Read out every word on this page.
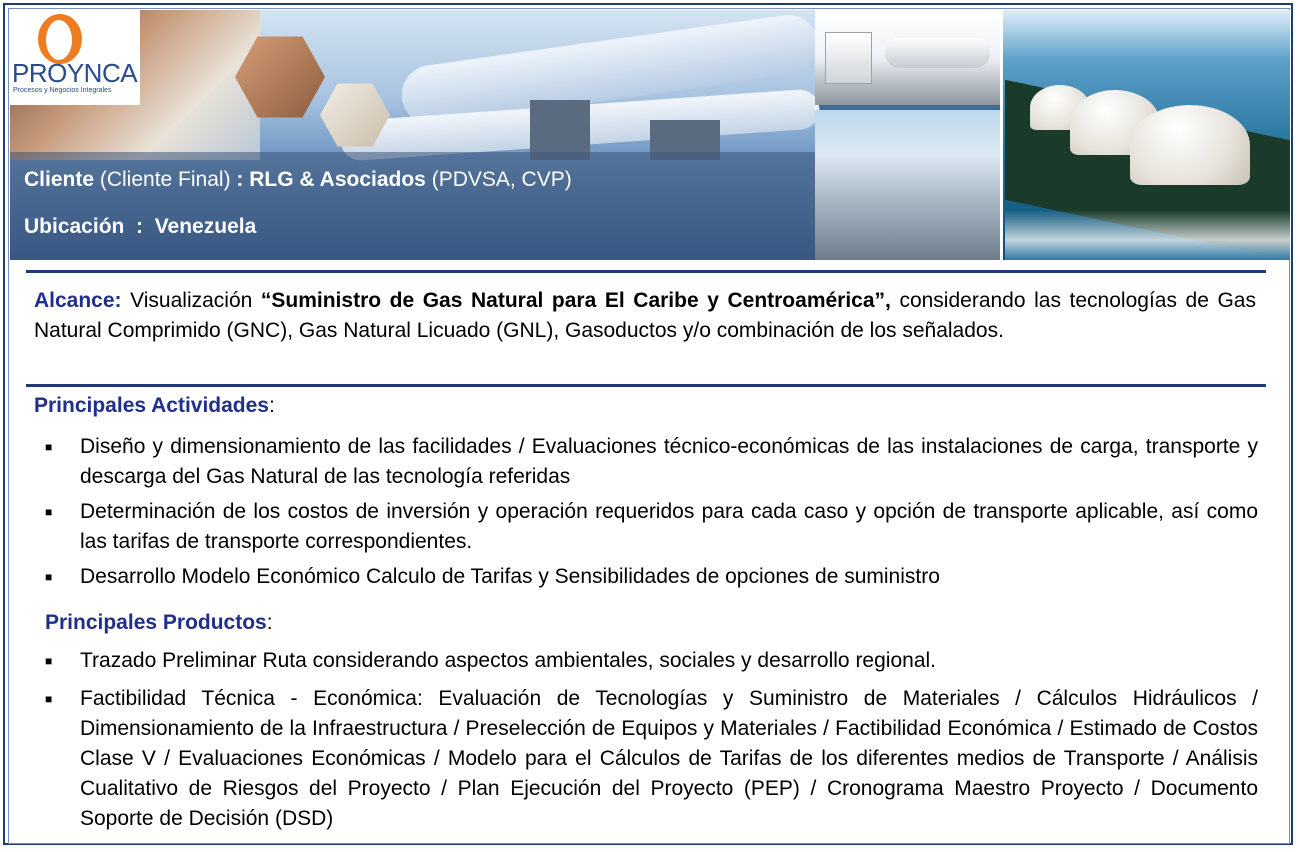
PROYNCA
Procesos y Negocios Integrales
Cliente (Cliente Final) : RLG & Asociados (PDVSA, CVP)
Ubicación : Venezuela
Alcance: Visualización “Suministro de Gas Natural para El Caribe y Centroamérica”, considerando las tecnologías de Gas Natural Comprimido (GNC), Gas Natural Licuado (GNL), Gasoductos y/o combinación de los señalados.
Principales Actividades:
■ Diseño y dimensionamiento de las facilidades / Evaluaciones técnico-económicas de las instalaciones de carga, transporte y descarga del Gas Natural de las tecnología referidas
■ Determinación de los costos de inversión y operación requeridos para cada caso y opción de transporte aplicable, así como las tarifas de transporte correspondientes.
■ Desarrollo Modelo Económico Calculo de Tarifas y Sensibilidades de opciones de suministro
Principales Productos:
■ Trazado Preliminar Ruta considerando aspectos ambientales, sociales y desarrollo regional.
■ Factibilidad Técnica - Económica: Evaluación de Tecnologías y Suministro de Materiales / Cálculos Hidráulicos / Dimensionamiento de la Infraestructura / Preselección de Equipos y Materiales / Factibilidad Económica / Estimado de Costos Clase V / Evaluaciones Económicas / Modelo para el Cálculos de Tarifas de los diferentes medios de Transporte / Análisis Cualitativo de Riesgos del Proyecto / Plan Ejecución del Proyecto (PEP) / Cronograma Maestro Proyecto / Documento Soporte de Decisión (DSD)
